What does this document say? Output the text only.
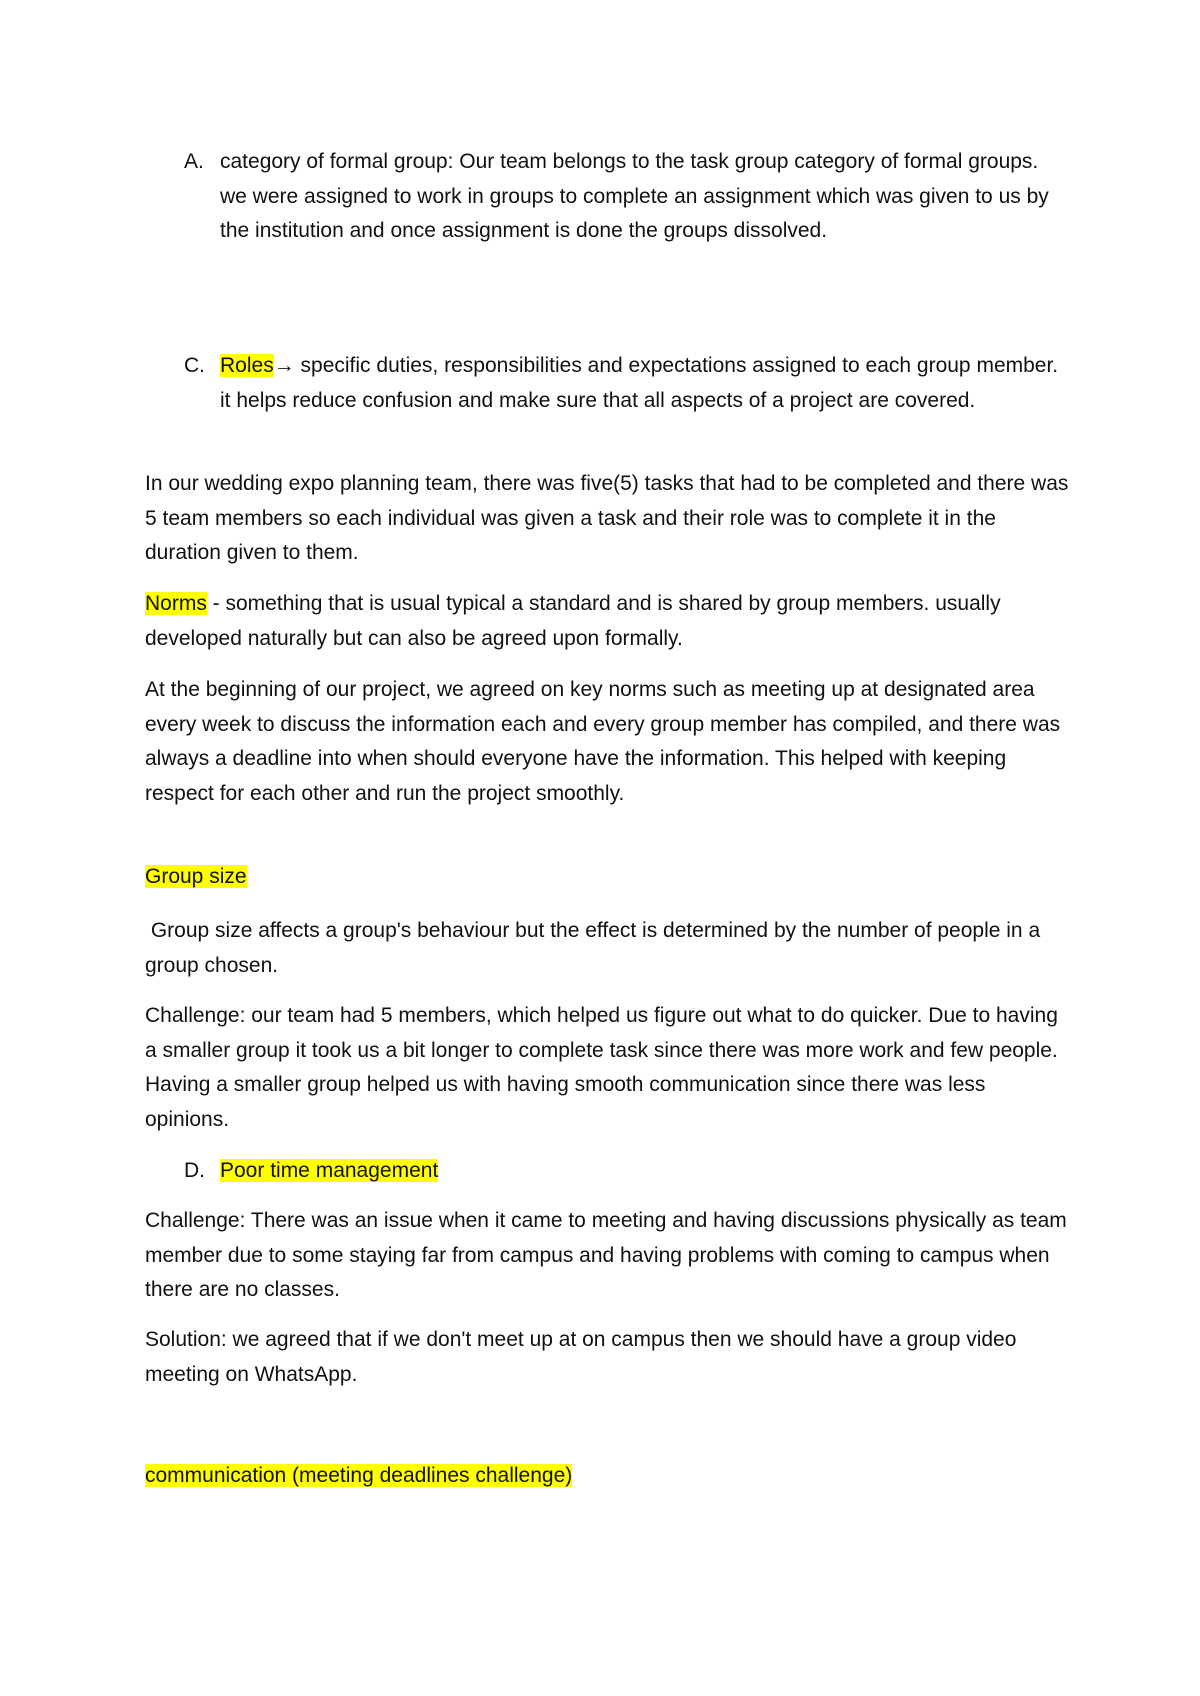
A. category of formal group: Our team belongs to the task group category of formal groups. we were assigned to work in groups to complete an assignment which was given to us by the institution and once assignment is done the groups dissolved.
C. Roles→ specific duties, responsibilities and expectations assigned to each group member. it helps reduce confusion and make sure that all aspects of a project are covered.
In our wedding expo planning team, there was five(5) tasks that had to be completed and there was 5 team members so each individual was given a task and their role was to complete it in the duration given to them.
Norms - something that is usual typical a standard and is shared by group members. usually developed naturally but can also be agreed upon formally.
At the beginning of our project, we agreed on key norms such as meeting up at designated area every week to discuss the information each and every group member has compiled, and there was always a deadline into when should everyone have the information. This helped with keeping respect for each other and run the project smoothly.
Group size
Group size affects a group's behaviour but the effect is determined by the number of people in a group chosen.
Challenge: our team had 5 members, which helped us figure out what to do quicker. Due to having a smaller group it took us a bit longer to complete task since there was more work and few people. Having a smaller group helped us with having smooth communication since there was less opinions.
D. Poor time management
Challenge: There was an issue when it came to meeting and having discussions physically as team member due to some staying far from campus and having problems with coming to campus when there are no classes.
Solution: we agreed that if we don't meet up at on campus then we should have a group video meeting on WhatsApp.
communication (meeting deadlines challenge)
